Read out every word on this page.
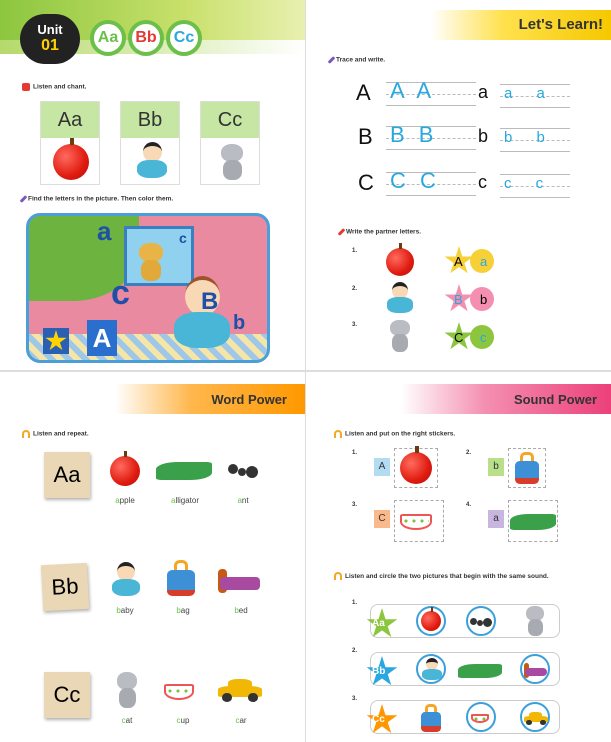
Unit
01	Aa	Bb	Cc
Listen and chant.
Aa	Bb	Cc
Find the letters in the picture. Then color them.
A
a	c
c	B
b
Let's Learn!
Trace and write.
A A A
B B B
C C C
a a a
b b b
c c c
Write the partner letters.
1.
A a
2.
B b
3.
C c
Word Power
Listen and repeat.
Aa
apple	alligator	ant
Bb
baby	bag	bed
Cc
cat	cup	car
Sound Power
Listen and put on the right stickers.
1.
A
2.
b
3.
C
4.
a
Listen and circle the two pictures that begin with the same sound.
1.
Aa
2.
Bb
3.
Cc
